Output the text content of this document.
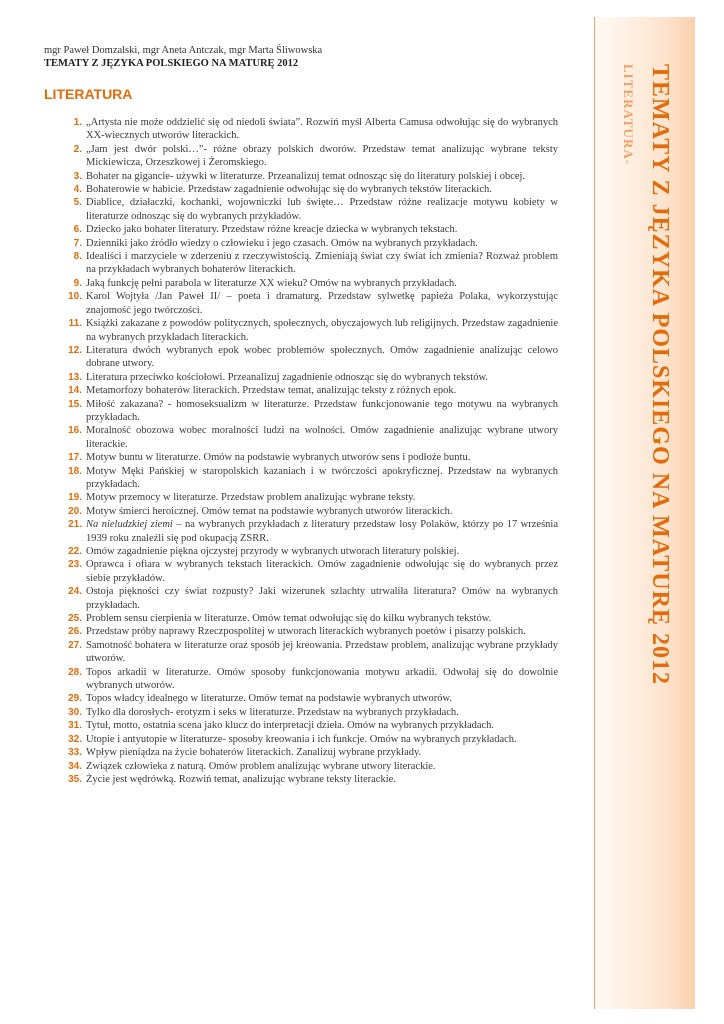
TEMATY Z JĘZYKA POLSKIEGO NA MATURĘ 2012
LITERATURA-
mgr Paweł Domzalski, mgr Aneta Antczak, mgr Marta Śliwowska
TEMATY Z JĘZYKA POLSKIEGO NA MATURĘ 2012
LITERATURA
1. „Artysta nie może oddzielić się od niedoli świata”. Rozwiń myśl Alberta Camusa odwołując się do wybranych XX-wiecznych utworów literackich.
2. „Jam jest dwór polski…”- różne obrazy polskich dworów. Przedstaw temat analizując wybrane teksty Mickiewicza, Orzeszkowej i Żeromskiego.
3. Bohater na gigancie- używki w literaturze. Przeanalizuj temat odnosząc się do literatury polskiej i obcej.
4. Bohaterowie w habicie. Przedstaw zagadnienie odwołując się do wybranych tekstów literackich.
5. Diablice, działaczki, kochanki, wojowniczki lub święte… Przedstaw różne realizacje motywu kobiety w literaturze odnosząc się do wybranych przykładów.
6. Dziecko jako bohater literatury. Przedstaw różne kreacje dziecka w wybranych tekstach.
7. Dzienniki jako źródło wiedzy o człowieku i jego czasach. Omów na wybranych przykładach.
8. Idealiści i marzyciele w zderzeniu z rzeczywistością. Zmieniają świat czy świat ich zmienia? Rozważ problem na przykładach wybranych bohaterów literackich.
9. Jaką funkcję pełni parabola w literaturze XX wieku? Omów na wybranych przykładach.
10. Karol Wojtyła /Jan Paweł II/ – poeta i dramaturg. Przedstaw sylwetkę papieża Polaka, wykorzystując znajomość jego twórczości.
11. Książki zakazane z powodów politycznych, społecznych, obyczajowych lub religijnych. Przedstaw zagadnienie na wybranych przykładach literackich.
12. Literatura dwóch wybranych epok wobec problemów społecznych. Omów zagadnienie analizując celowo dobrane utwory.
13. Literatura przeciwko kościołowi. Przeanalizuj zagadnienie odnosząc się do wybranych tekstów.
14. Metamorfozy bohaterów literackich. Przedstaw temat, analizując teksty z różnych epok.
15. Miłość zakazana? - homoseksualizm w literaturze. Przedstaw funkcjonowanie tego motywu na wybranych przykładach.
16. Moralność obozowa wobec moralności ludzi na wolności. Omów zagadnienie analizując wybrane utwory literackie.
17. Motyw buntu w literaturze. Omów na podstawie wybranych utworów sens i podłoże buntu.
18. Motyw Męki Pańskiej w staropolskich kazaniach i w twórczości apokryficznej. Przedstaw na wybranych przykładach.
19. Motyw przemocy w literaturze. Przedstaw problem analizując wybrane teksty.
20. Motyw śmierci heroicznej. Omów temat na podstawie wybranych utworów literackich.
21. Na nieludzkiej ziemi – na wybranych przykładach z literatury przedstaw losy Polaków, którzy po 17 września 1939 roku znaleźli się pod okupacją ZSRR.
22. Omów zagadnienie piękna ojczystej przyrody w wybranych utworach literatury polskiej.
23. Oprawca i ofiara w wybranych tekstach literackich. Omów zagadnienie odwołując się do wybranych przez siebie przykładów.
24. Ostoja piękności czy świat rozpusty? Jaki wizerunek szlachty utrwaliła literatura? Omów na wybranych przykładach.
25. Problem sensu cierpienia w literaturze. Omów temat odwołując się do kilku wybranych tekstów.
26. Przedstaw próby naprawy Rzeczpospolitej w utworach literackich wybranych poetów i pisarzy polskich.
27. Samotność bohatera w literaturze oraz sposób jej kreowania. Przedstaw problem, analizując wybrane przykłady utworów.
28. Topos arkadii w literaturze. Omów sposoby funkcjonowania motywu arkadii. Odwołaj się do dowolnie wybranych utworów.
29. Topos władcy idealnego w literaturze. Omów temat na podstawie wybranych utworów.
30. Tylko dla dorosłych- erotyzm i seks w literaturze. Przedstaw na wybranych przykładach.
31. Tytuł, motto, ostatnia scena jako klucz do interpretacji dzieła. Omów na wybranych przykładach.
32. Utopie i antyutopie w literaturze- sposoby kreowania i ich funkcje. Omów na wybranych przykładach.
33. Wpływ pieniądza na życie bohaterów literackich. Zanalizuj wybrane przykłady.
34. Związek człowieka z naturą. Omów problem analizując wybrane utwory literackie.
35. Życie jest wędrówką. Rozwiń temat, analizując wybrane teksty literackie.
